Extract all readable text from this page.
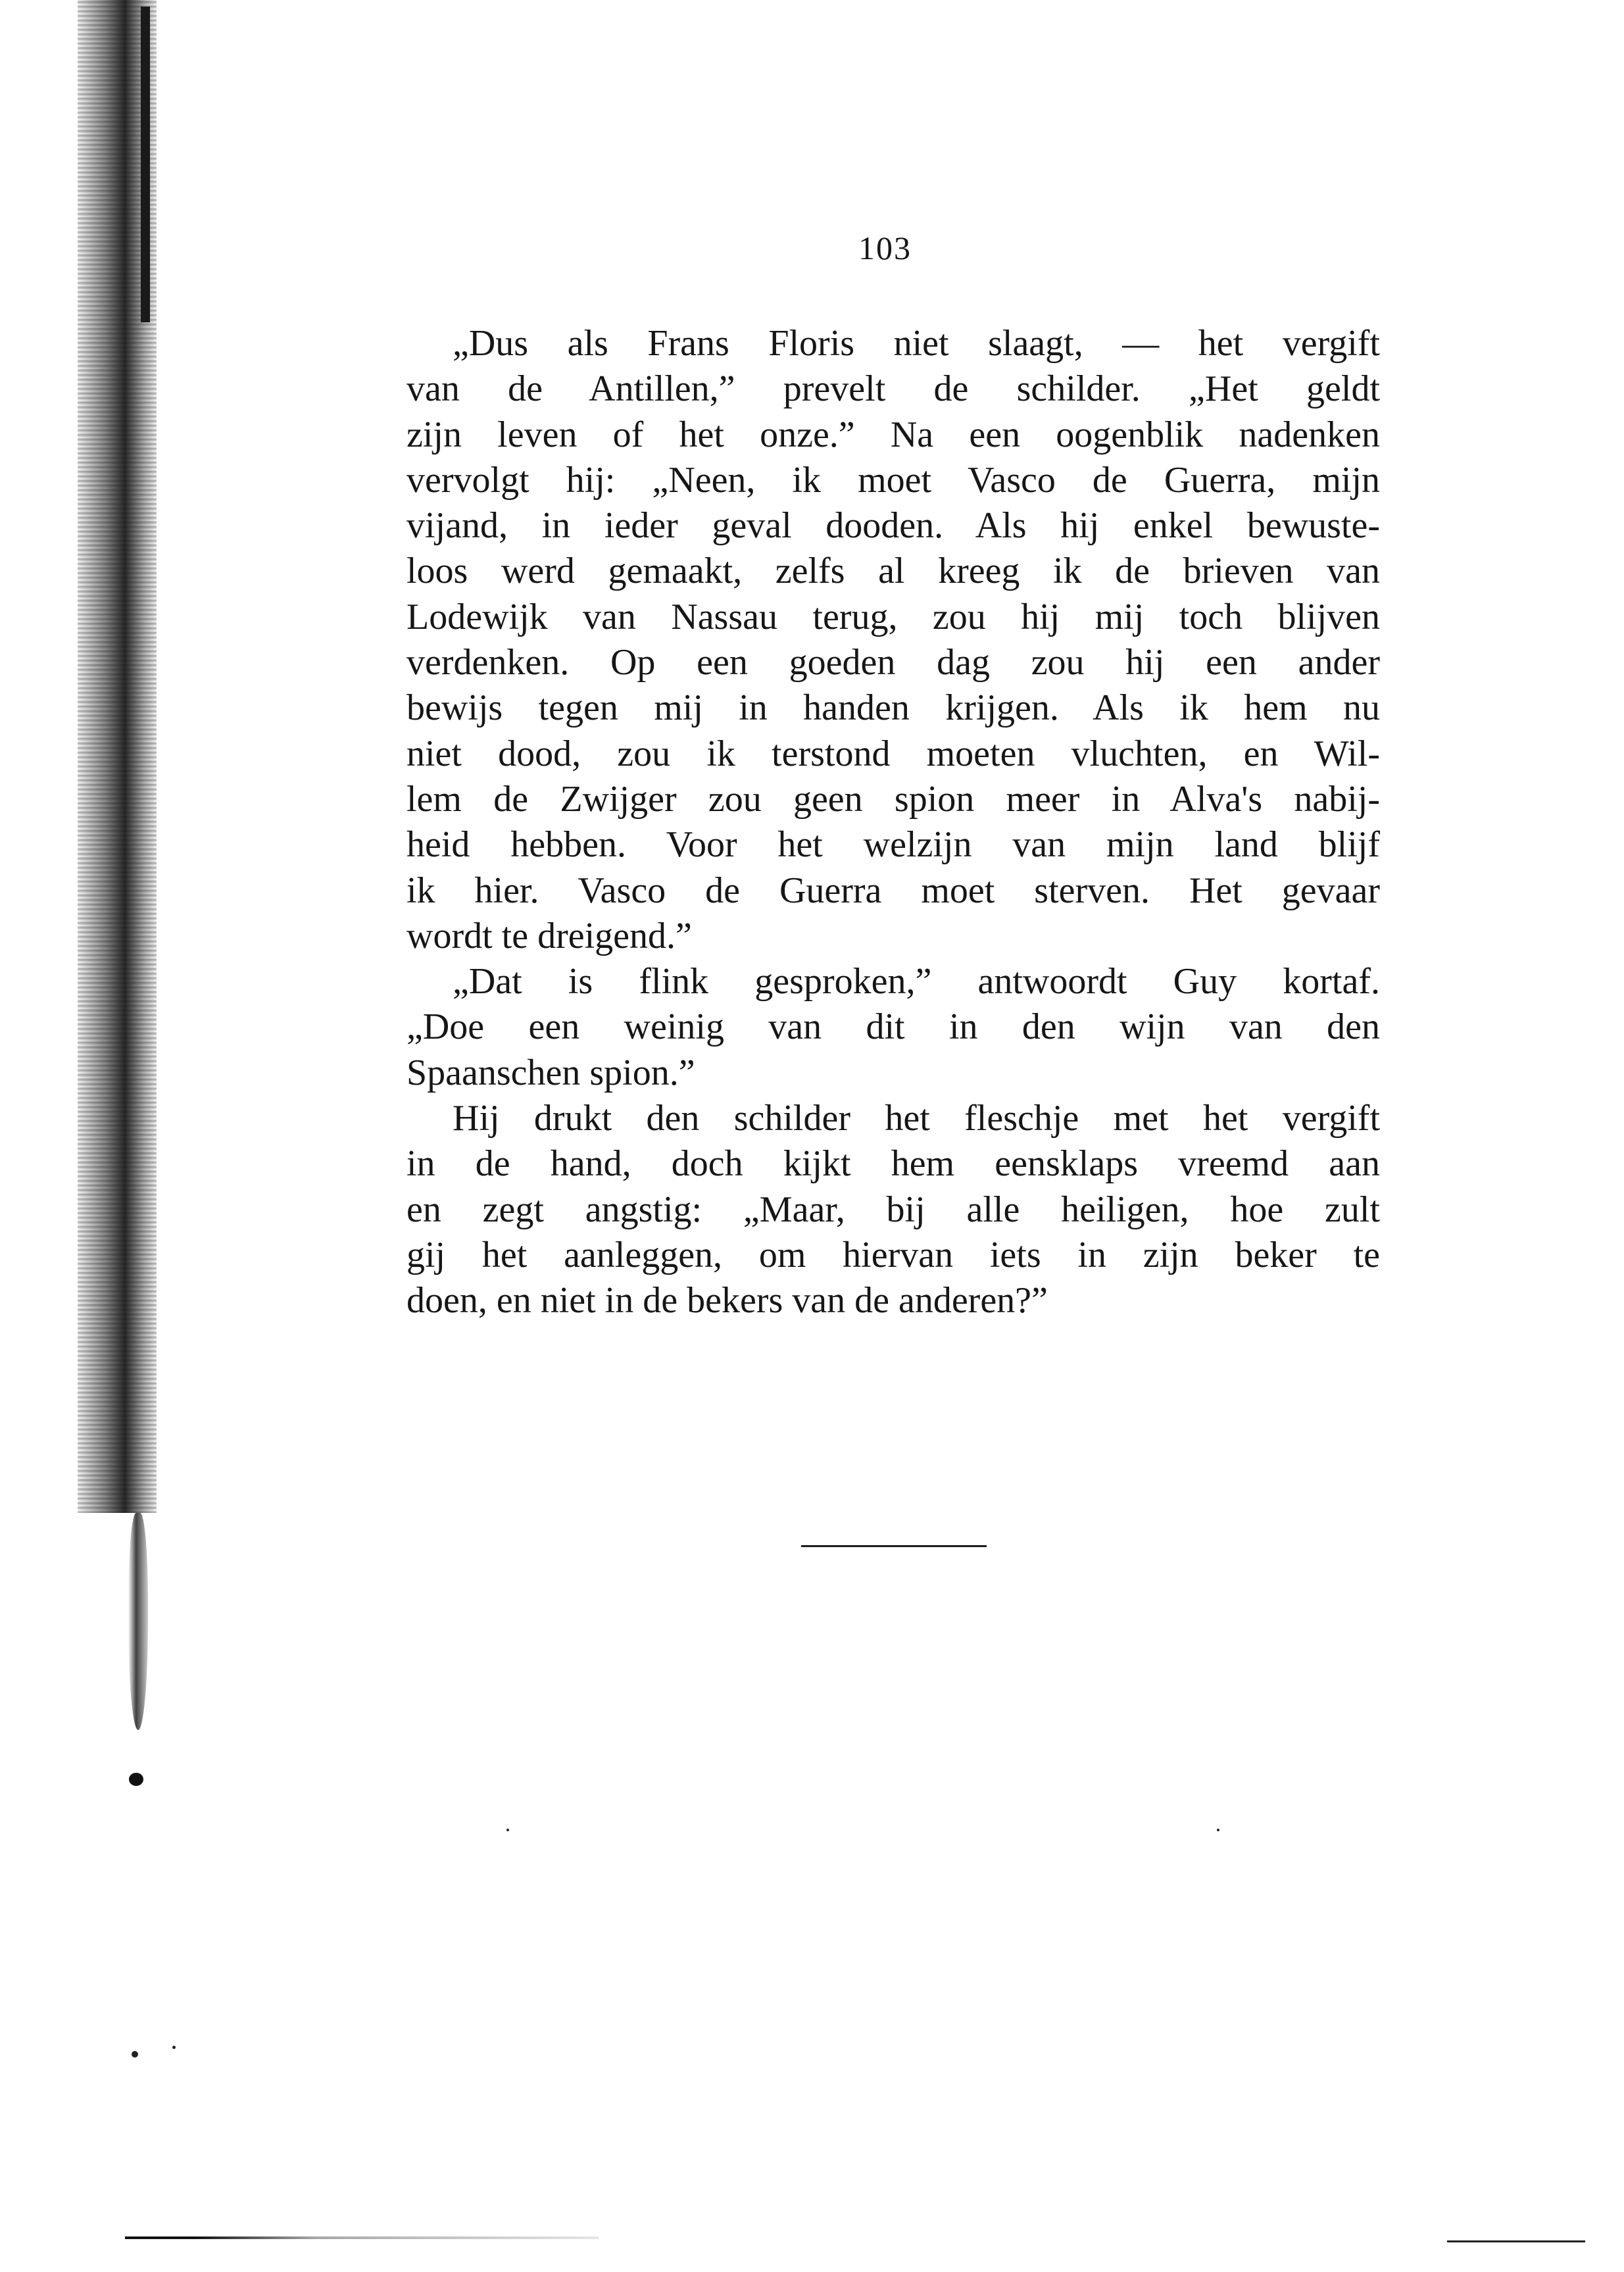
103
„Dus als Frans Floris niet slaagt, — het vergift
van de Antillen,” prevelt de schilder. „Het geldt
zijn leven of het onze.” Na een oogenblik nadenken
vervolgt hij: „Neen, ik moet Vasco de Guerra, mijn
vijand, in ieder geval dooden. Als hij enkel bewuste-
loos werd gemaakt, zelfs al kreeg ik de brieven van
Lodewijk van Nassau terug, zou hij mij toch blijven
verdenken. Op een goeden dag zou hij een ander
bewijs tegen mij in handen krijgen. Als ik hem nu
niet dood, zou ik terstond moeten vluchten, en Wil-
lem de Zwijger zou geen spion meer in Alva's nabij-
heid hebben. Voor het welzijn van mijn land blijf
ik hier. Vasco de Guerra moet sterven. Het gevaar
wordt te dreigend.”
„Dat is flink gesproken,” antwoordt Guy kortaf.
„Doe een weinig van dit in den wijn van den
Spaanschen spion.”
Hij drukt den schilder het fleschje met het vergift
in de hand, doch kijkt hem eensklaps vreemd aan
en zegt angstig: „Maar, bij alle heiligen, hoe zult
gij het aanleggen, om hiervan iets in zijn beker te
doen, en niet in de bekers van de anderen?”
